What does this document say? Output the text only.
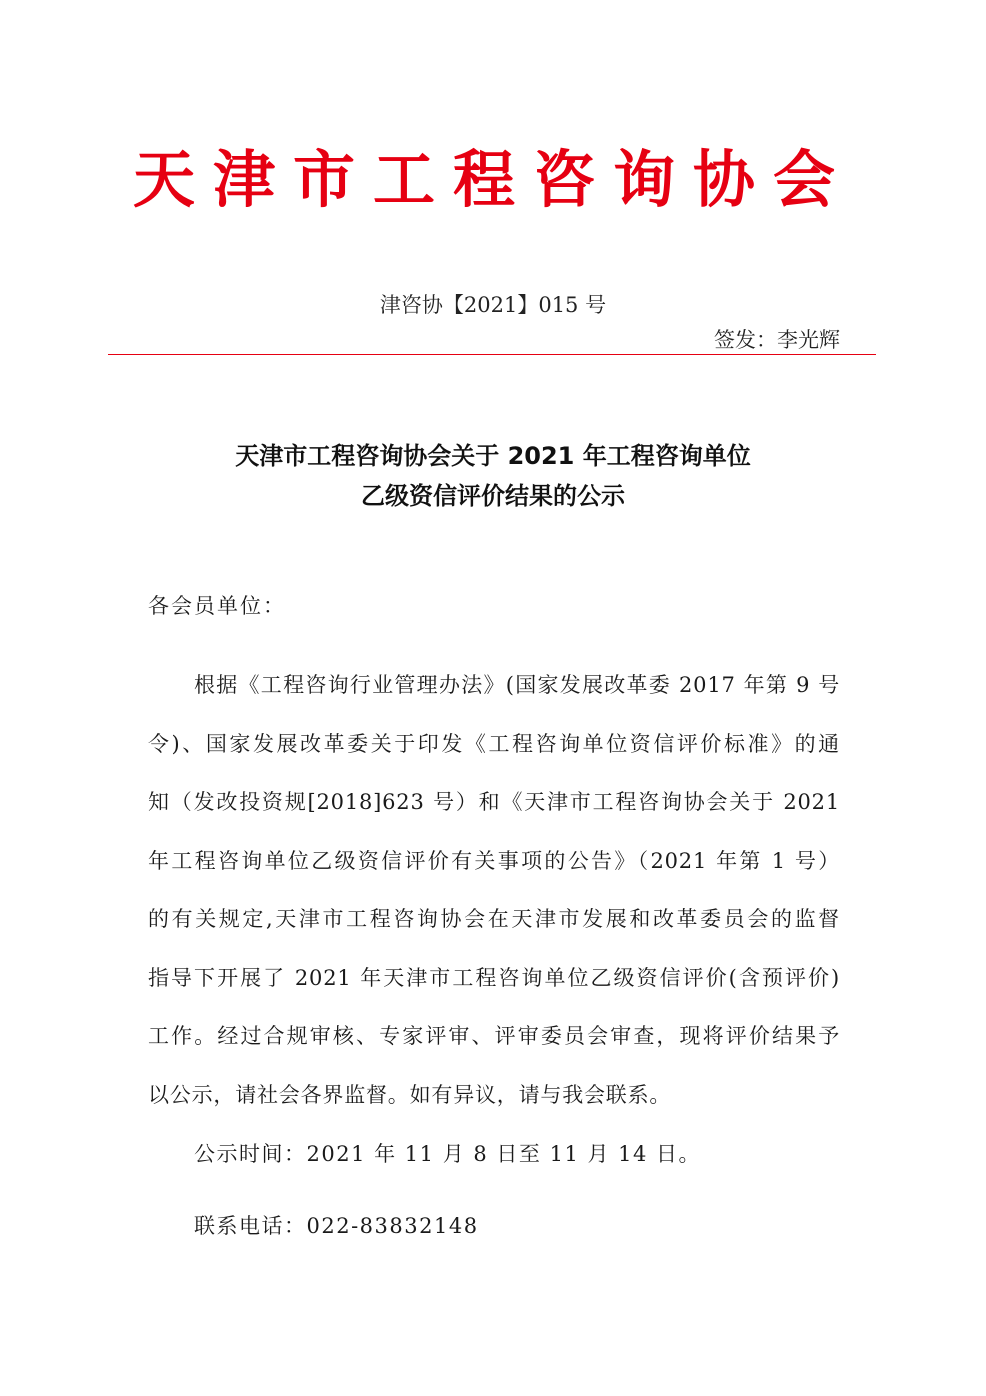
天津市工程咨询协会
津咨协【2021】015 号
签发：李光辉
天津市工程咨询协会关于 2021 年工程咨询单位
乙级资信评价结果的公示
各会员单位：
根据《工程咨询行业管理办法》(国家发展改革委 2017 年第 9 号
令)、国家发展改革委关于印发《工程咨询单位资信评价标准》的通
知（发改投资规[2018]623 号）和《天津市工程咨询协会关于 2021
年工程咨询单位乙级资信评价有关事项的公告》（2021 年第 1 号）
的有关规定,天津市工程咨询协会在天津市发展和改革委员会的监督
指导下开展了 2021 年天津市工程咨询单位乙级资信评价(含预评价)
工作。经过合规审核、专家评审、评审委员会审查，现将评价结果予
以公示，请社会各界监督。如有异议，请与我会联系。
公示时间：2021 年 11 月 8 日至 11 月 14 日。
联系电话：022-83832148
